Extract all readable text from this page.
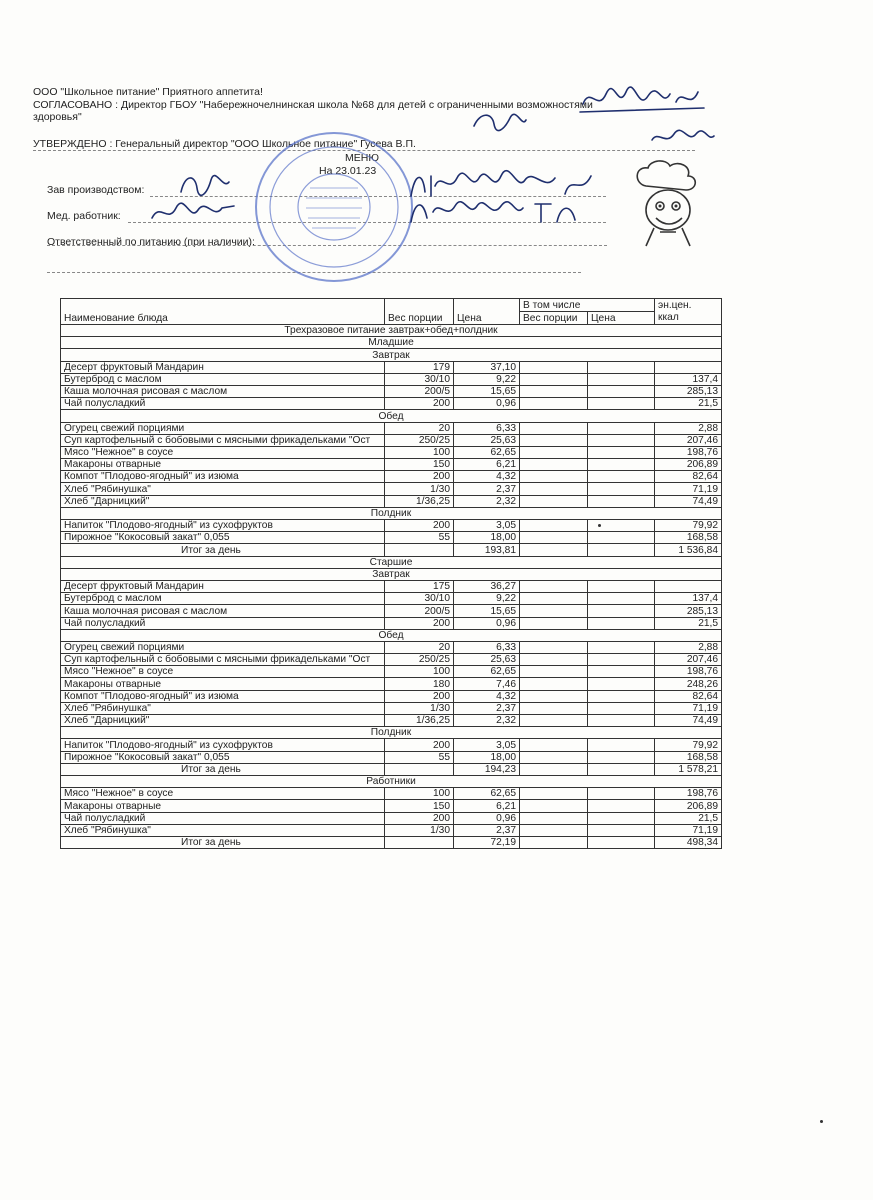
ООО "Школьное питание" Приятного аппетита!
СОГЛАСОВАНО : Директор ГБОУ "Набережночелнинская школа №68 для детей с ограниченными возможностями
здоровья"
УТВЕРЖДЕНО : Генеральный директор "ООО Школьное питание" Гусева В.П.
МЕНЮ
На 23.01.23
Зав производством:
Мед. работник:
Ответственный по питанию (при наличии):
Наименование блюда	Вес порции	Цена	В том числе		эн.цен.
ккал
			Вес порции	Цена	
Трехразовое питание завтрак+обед+полдник					
Младшие					
Завтрак					
Десерт фруктовый Мандарин	179	37,10			
Бутерброд с маслом	30/10	9,22			137,4
Каша молочная рисовая с маслом	200/5	15,65			285,13
Чай полусладкий	200	0,96			21,5
Обед					
Огурец свежий порциями	20	6,33			2,88
Суп картофельный с бобовыми с мясными фрикадельками "Ост	250/25	25,63			207,46
Мясо "Нежное" в соусе	100	62,65			198,76
Макароны отварные	150	6,21			206,89
Компот "Плодово-ягодный" из изюма	200	4,32			82,64
Хлеб "Рябинушка"	1/30	2,37			71,19
Хлеб "Дарницкий"	1/36,25	2,32			74,49
Полдник					
Напиток "Плодово-ягодный" из сухофруктов	200	3,05			79,92
Пирожное "Кокосовый закат" 0,055	55	18,00			168,58
Итог за день		193,81			1 536,84
Старшие					
Завтрак					
Десерт фруктовый Мандарин	175	36,27			
Бутерброд с маслом	30/10	9,22			137,4
Каша молочная рисовая с маслом	200/5	15,65			285,13
Чай полусладкий	200	0,96			21,5
Обед					
Огурец свежий порциями	20	6,33			2,88
Суп картофельный с бобовыми с мясными фрикадельками "Ост	250/25	25,63			207,46
Мясо "Нежное" в соусе	100	62,65			198,76
Макароны отварные	180	7,46			248,26
Компот "Плодово-ягодный" из изюма	200	4,32			82,64
Хлеб "Рябинушка"	1/30	2,37			71,19
Хлеб "Дарницкий"	1/36,25	2,32			74,49
Полдник					
Напиток "Плодово-ягодный" из сухофруктов	200	3,05			79,92
Пирожное "Кокосовый закат" 0,055	55	18,00			168,58
Итог за день		194,23			1 578,21
Работники					
Мясо "Нежное" в соусе	100	62,65			198,76
Макароны отварные	150	6,21			206,89
Чай полусладкий	200	0,96			21,5
Хлеб "Рябинушка"	1/30	2,37			71,19
Итог за день		72,19			498,34
